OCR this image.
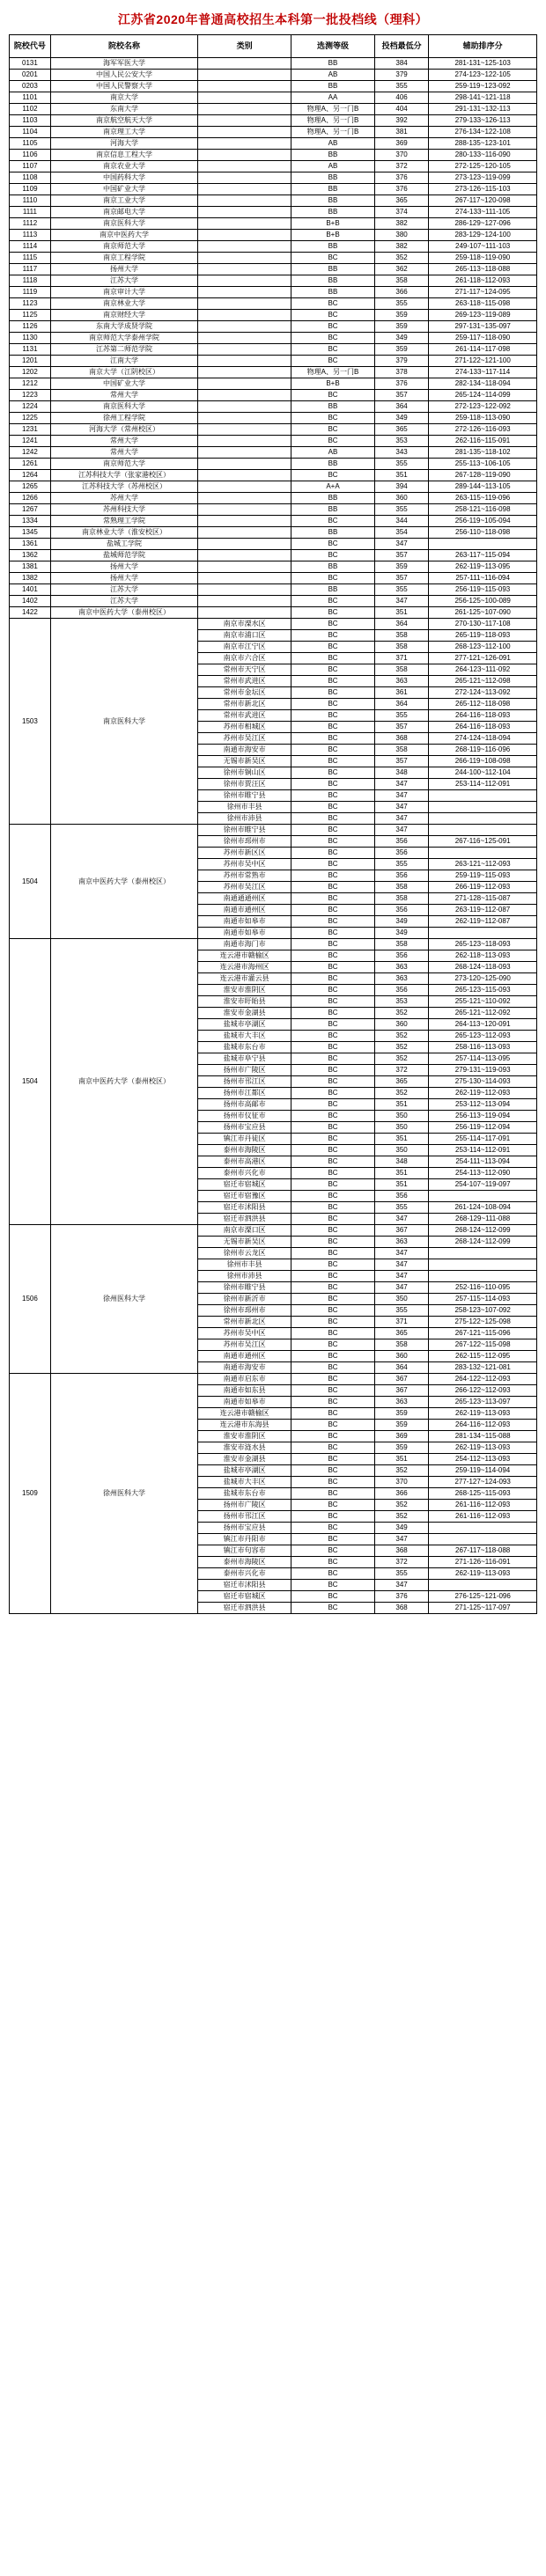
江苏省2020年普通高校招生本科第一批投档线（理科）
院校代号	院校名称	类别	选测等级	投档最低分	辅助排序分
0131	海军军医大学		BB	384	281-131~125-103
0201	中国人民公安大学		AB	379	274-123~122-105
0203	中国人民警察大学		BB	355	259-119~123-092
1101	南京大学		AA	406	298-141~121-118
1102	东南大学		物理A、另一门B	404	291-131~132-113
1103	南京航空航天大学		物理A、另一门B	392	279-133~126-113
1104	南京理工大学		物理A、另一门B	381	276-134~122-108
1105	河海大学		AB	369	288-135~123-101
1106	南京信息工程大学		BB	370	280-133~116-090
1107	南京农业大学		AB	372	272-125~120-105
1108	中国药科大学		BB	376	273-123~119-099
1109	中国矿业大学		BB	376	273-126~115-103
1110	南京工业大学		BB	365	267-117~120-098
1111	南京邮电大学		BB	374	274-133~111-105
1112	南京医科大学		B+B	382	286-129~127-096
1113	南京中医药大学		B+B	380	283-129~124-100
1114	南京师范大学		BB	382	249-107~111-103
1115	南京工程学院		BC	352	259-118~119-090
1117	扬州大学		BB	362	265-113~118-088
1118	江苏大学		BB	358	261-118~112-093
1119	南京审计大学		BB	366	271-117~124-095
1123	南京林业大学		BC	355	263-118~115-098
1125	南京财经大学		BC	359	269-123~119-089
1126	东南大学成贤学院		BC	359	297-131~135-097
1130	南京师范大学泰州学院		BC	349	259-117~118-090
1131	江苏第二师范学院		BC	359	261-114~117-098
1201	江南大学		BC	379	271-122~121-100
1202	南京大学（江阴校区）		物理A、另一门B	378	274-133~117-114
1212	中国矿业大学		B+B	376	282-134~118-094
1223	常州大学		BC	357	265-124~114-099
1224	南京医科大学		BB	364	272-123~122-092
1225	徐州工程学院		BC	349	259-118~113-090
1231	河海大学（常州校区）		BC	365	272-126~116-093
1241	常州大学		BC	353	262-116~115-091
1242	常州大学		AB	343	281-135~118-102
1261	南京师范大学		BB	355	255-113~106-105
1264	江苏科技大学（张家港校区）		BC	351	267-128~119-090
1265	江苏科技大学（苏州校区）		A+A	394	289-144~113-105
1266	苏州大学		BB	360	263-115~119-096
1267	苏州科技大学		BB	355	258-121~116-098
1334	常熟理工学院		BC	344	256-119~105-094
1345	南京林业大学（淮安校区）		BB	354	256-110~118-098
1361	盐城工学院		BC	347	
1362	盐城师范学院		BC	357	263-117~115-094
1381	扬州大学		BB	359	262-119~113-095
1382	扬州大学		BC	357	257-111~116-094
1401	江苏大学		BB	355	256-119~115-093
1402	江苏大学		BC	347	256-125~100-089
1422	南京中医药大学（泰州校区）		BC	351	261-125~107-090
1503	南京医科大学	南京市溧水区	BC	364	270-130~117-108
		南京市浦口区	BC	358	265-119~118-093
		南京市江宁区	BC	358	268-123~112-100
		南京市六合区	BC	371	277-121~126-091
		常州市天宁区	BC	358	264-123~111-092
		常州市武进区	BC	363	265-121~112-098
		常州市金坛区	BC	361	272-124~113-092
		常州市新北区	BC	364	265-112~118-098
		常州市武进区	BC	355	264-116~118-093
		苏州市相城区	BC	357	264-116~118-093
		苏州市吴江区	BC	368	274-124~118-094
		南通市海安市	BC	358	268-119~116-096
		无锡市新吴区	BC	357	266-119~108-098
		徐州市铜山区	BC	348	244-100~112-104
		徐州市贾汪区	BC	347	253-114~112-091
		徐州市睢宁县	BC	347	
		徐州市丰县	BC	347	
		徐州市沛县	BC	347	
1504	南京中医药大学（泰州校区）	徐州市睢宁县	BC	347	
		徐州市邳州市	BC	356	267-116~125-091
		苏州市新区区	BC	356	
		苏州市吴中区	BC	355	263-121~112-093
		苏州市常熟市	BC	356	259-119~115-093
		苏州市吴江区	BC	358	266-119~112-093
		南通通通州区	BC	358	271-128~115-087
		南通市通州区	BC	356	263-119~112-087
		南通市如皋市	BC	349	262-119~112-087
		南通市如皋市	BC	349	
1504	南京中医药大学（泰州校区）	南通市海门市	BC	358	265-123~118-093
		连云港市赣榆区	BC	356	262-118~113-093
		连云港市海州区	BC	363	268-124~118-093
		连云港市灌云县	BC	363	273-120~125-090
		淮安市淮阴区	BC	356	265-123~115-093
		淮安市盱眙县	BC	353	255-121~110-092
		淮安市金湖县	BC	352	265-121~112-092
		盐城市亭湖区	BC	360	264-113~120-091
		盐城市大丰区	BC	352	265-123~112-093
		盐城市东台市	BC	352	258-116~113-093
		盐城市阜宁县	BC	352	257-114~113-095
		扬州市广陵区	BC	372	279-131~119-093
		扬州市邗江区	BC	365	275-130~114-093
		扬州市江都区	BC	352	262-119~112-093
		扬州市高邮市	BC	351	253-112~113-094
		扬州市仪征市	BC	350	256-113~119-094
		扬州市宝应县	BC	350	256-119~112-094
		镇江市丹徒区	BC	351	255-114~117-091
		泰州市海陵区	BC	350	253-114~112-091
		泰州市高港区	BC	348	254-111~113-094
		泰州市兴化市	BC	351	254-113~112-090
		宿迁市宿城区	BC	351	254-107~119-097
		宿迁市宿豫区	BC	356	
		宿迁市沭阳县	BC	355	261-124~108-094
		宿迁市泗洪县	BC	347	268-129~111-088
1506	徐州医科大学	南京市溧口区	BC	367	268-124~112-099
		无锡市新吴区	BC	363	268-124~112-099
		徐州市云龙区	BC	347	
		徐州市丰县	BC	347	
		徐州市沛县	BC	347	
		徐州市睢宁县	BC	347	252-116~110-095
		徐州市新沂市	BC	350	257-115~114-093
		徐州市邳州市	BC	355	258-123~107-092
		常州市新北区	BC	371	275-122~125-098
		苏州市吴中区	BC	365	267-121~115-096
		苏州市吴江区	BC	358	267-122~115-098
		南通市通州区	BC	360	262-115~112-095
		南通市海安市	BC	364	283-132~121-081
1509	徐州医科大学	南通市启东市	BC	367	264-122~112-093
		南通市如东县	BC	367	266-122~112-093
		南通市如皋市	BC	363	265-123~113-097
		连云港市赣榆区	BC	359	262-119~113-093
		连云港市东海县	BC	359	264-116~112-093
		淮安市淮阴区	BC	369	281-134~115-088
		淮安市涟水县	BC	359	262-119~113-093
		淮安市金湖县	BC	351	254-112~113-093
		盐城市亭湖区	BC	352	259-119~114-094
		盐城市大丰区	BC	370	277-127~124-093
		盐城市东台市	BC	366	268-125~115-093
		扬州市广陵区	BC	352	261-116~112-093
		扬州市邗江区	BC	352	261-116~112-093
		扬州市宝应县	BC	349	
		镇江市丹阳市	BC	347	
		镇江市句容市	BC	368	267-117~118-088
		泰州市海陵区	BC	372	271-126~116-091
		泰州市兴化市	BC	355	262-119~113-093
		宿迁市沭阳县	BC	347	
		宿迁市宿城区	BC	376	276-125~121-096
		宿迁市泗洪县	BC	368	271-125~117-097
